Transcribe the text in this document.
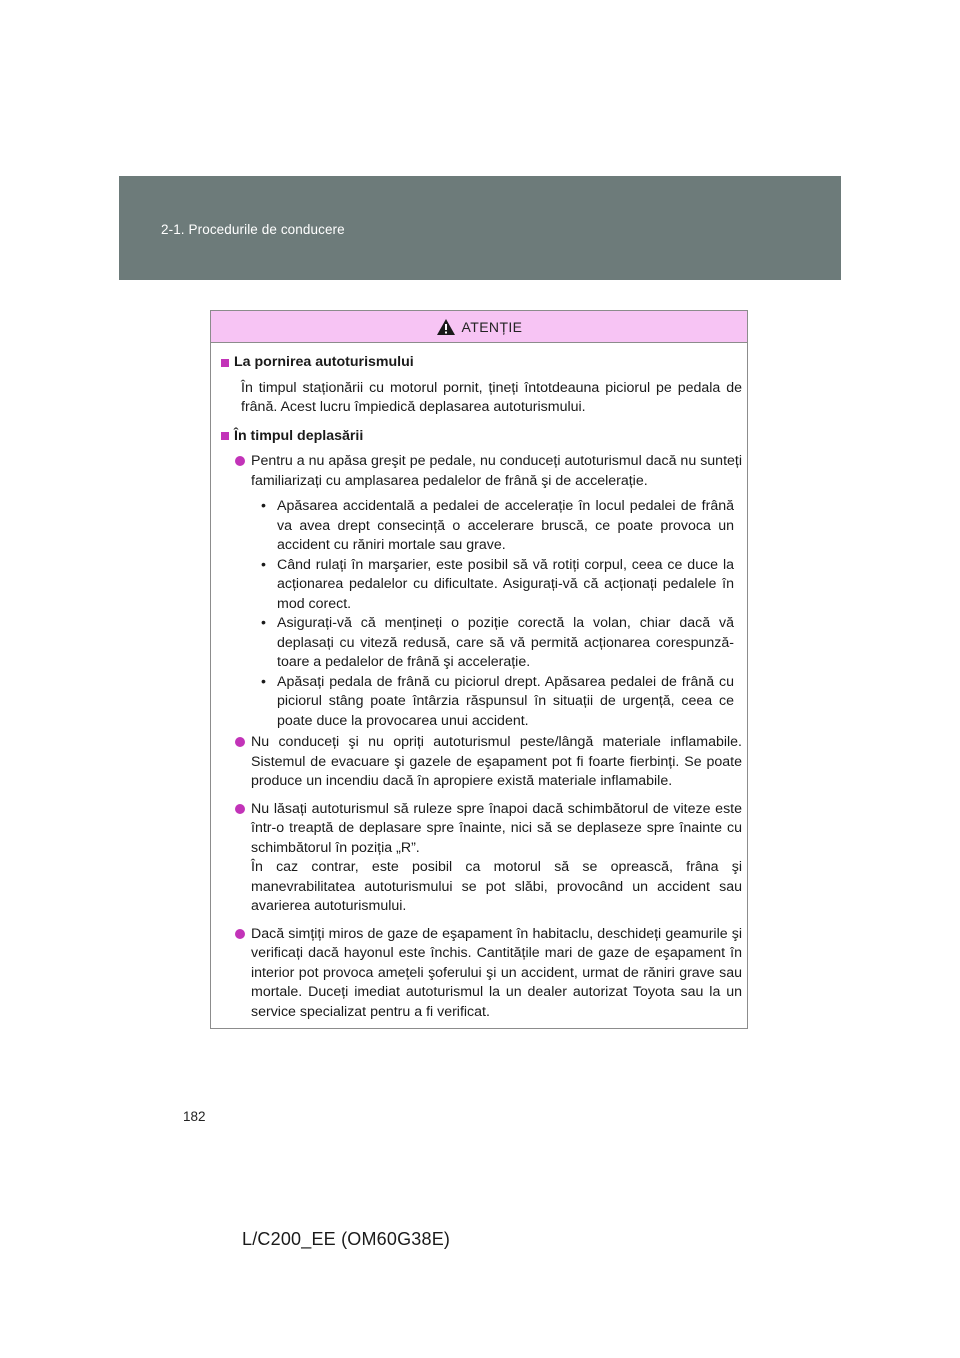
2-1. Procedurile de conducere
ATENȚIE
La pornirea autoturismului
În timpul staționării cu motorul pornit, țineți întotdeauna piciorul pe pedala de frână. Acest lucru împiedică deplasarea autoturismului.
În timpul deplasării
Pentru a nu apăsa greşit pe pedale, nu conduceți autoturismul dacă nu sunteți familiarizați cu amplasarea pedalelor de frână şi de accelerație.
• Apăsarea accidentală a pedalei de accelerație în locul pedalei de frână va avea drept consecință o accelerare bruscă, ce poate provoca un accident cu răniri mortale sau grave.
• Când rulați în marşarier, este posibil să vă rotiți corpul, ceea ce duce la acționarea pedalelor cu dificultate. Asigurați-vă că acționați pedalele în mod corect.
• Asigurați-vă că mențineți o poziție corectă la volan, chiar dacă vă deplasați cu viteză redusă, care să vă permită acționarea corespunză-toare a pedalelor de frână şi accelerație.
• Apăsați pedala de frână cu piciorul drept. Apăsarea pedalei de frână cu piciorul stâng poate întârzia răspunsul în situații de urgență, ceea ce poate duce la provocarea unui accident.
Nu conduceți şi nu opriți autoturismul peste/lângă materiale inflamabile. Sistemul de evacuare şi gazele de eşapament pot fi foarte fierbinți. Se poate produce un incendiu dacă în apropiere există materiale inflamabile.
Nu lăsați autoturismul să ruleze spre înapoi dacă schimbătorul de viteze este într-o treaptă de deplasare spre înainte, nici să se deplaseze spre înainte cu schimbătorul în poziția „R”.
În caz contrar, este posibil ca motorul să se oprească, frâna şi manevrabilitatea autoturismului se pot slăbi, provocând un accident sau avarierea autoturismului.
Dacă simțiți miros de gaze de eşapament în habitaclu, deschideți geamurile şi verificați dacă hayonul este închis. Cantitățile mari de gaze de eşapament în interior pot provoca amețeli şoferului şi un accident, urmat de răniri grave sau mortale. Duceți imediat autoturismul la un dealer autorizat Toyota sau la un service specializat pentru a fi verificat.
182
L/C200_EE (OM60G38E)
